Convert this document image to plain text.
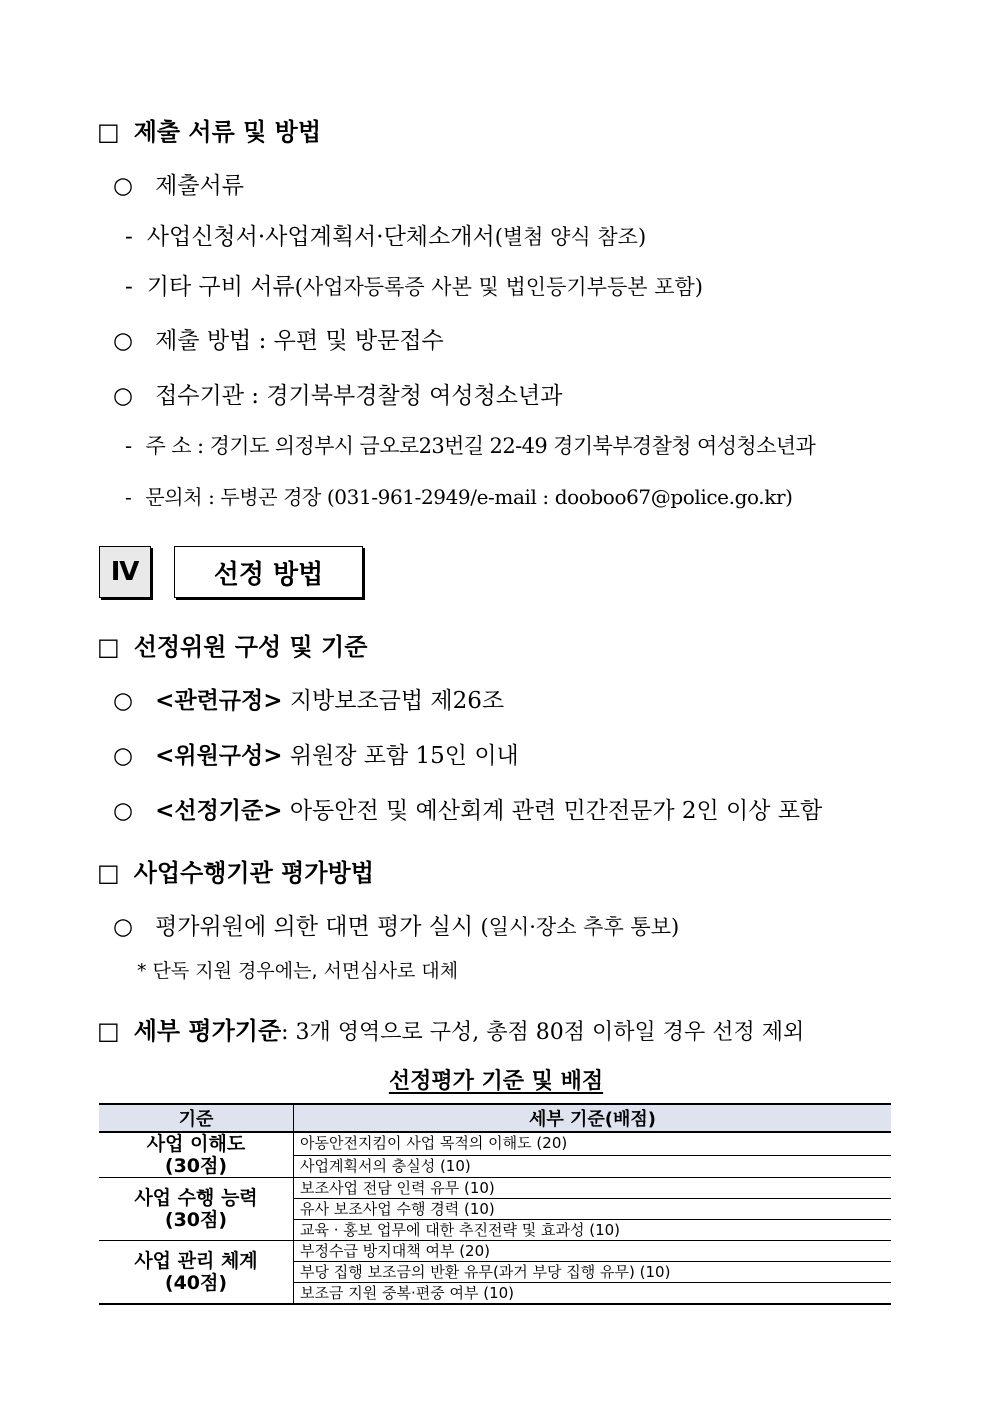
□ 제출 서류 및 방법
○ 제출서류
- 사업신청서·사업계획서·단체소개서(별첨 양식 참조)
- 기타 구비 서류(사업자등록증 사본 및 법인등기부등본 포함)
○ 제출 방법 : 우편 및 방문접수
○ 접수기관 : 경기북부경찰청 여성청소년과
- 주 소 : 경기도 의정부시 금오로23번길 22-49 경기북부경찰청 여성청소년과
- 문의처 : 두병곤 경장 (031-961-2949/e-mail : dooboo67@police.go.kr)
Ⅳ	선정 방법
□ 선정위원 구성 및 기준
○ <관련규정> 지방보조금법 제26조
○ <위원구성> 위원장 포함 15인 이내
○ <선정기준> 아동안전 및 예산회계 관련 민간전문가 2인 이상 포함
□ 사업수행기관 평가방법
○ 평가위원에 의한 대면 평가 실시 (일시·장소 추후 통보)
* 단독 지원 경우에는, 서면심사로 대체
□ 세부 평가기준: 3개 영역으로 구성, 총점 80점 이하일 경우 선정 제외
선정평가 기준 및 배점
기준	세부 기준(배점)
사업 이해도
(30점)	아동안전지킴이 사업 목적의 이해도 (20)
	사업계획서의 충실성 (10)
사업 수행 능력
(30점)	보조사업 전담 인력 유무 (10)
	유사 보조사업 수행 경력 (10)
	교육 · 홍보 업무에 대한 추진전략 및 효과성 (10)
사업 관리 체계
(40점)	부정수급 방지대책 여부 (20)
	부당 집행 보조금의 반환 유무(과거 부당 집행 유무) (10)
	보조금 지원 중복·편중 여부 (10)
